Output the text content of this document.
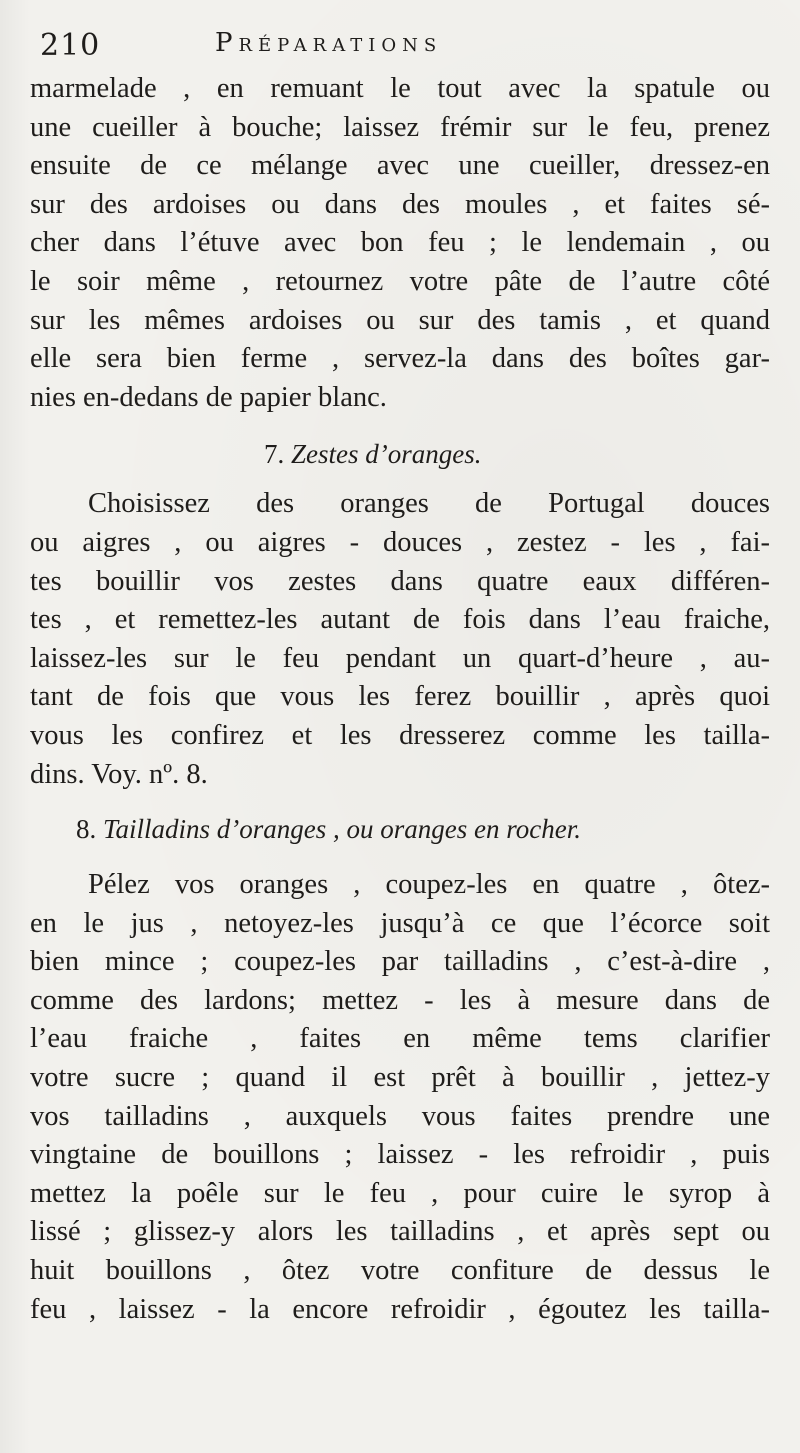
210	Préparations
marmelade , en remuant le tout avec la spatule ou
une cueiller à bouche; laissez frémir sur le feu, prenez
ensuite de ce mélange avec une cueiller, dressez-en
sur des ardoises ou dans des moules , et faites sé-
cher dans l’étuve avec bon feu ; le lendemain , ou
le soir même , retournez votre pâte de l’autre côté
sur les mêmes ardoises ou sur des tamis , et quand
elle sera bien ferme , servez-la dans des boîtes gar-
nies en-dedans de papier blanc.
7. Zestes d’oranges.
Choisissez des oranges de Portugal douces
ou aigres , ou aigres - douces , zestez - les , fai-
tes bouillir vos zestes dans quatre eaux différen-
tes , et remettez-les autant de fois dans l’eau fraiche,
laissez-les sur le feu pendant un quart-d’heure , au-
tant de fois que vous les ferez bouillir , après quoi
vous les confirez et les dresserez comme les tailla-
dins. Voy. nº. 8.
8. Tailladins d’oranges , ou oranges en rocher.
Pélez vos oranges , coupez-les en quatre , ôtez-
en le jus , netoyez-les jusqu’à ce que l’écorce soit
bien mince ; coupez-les par tailladins , c’est-à-dire ,
comme des lardons; mettez - les à mesure dans de
l’eau fraiche , faites en même tems clarifier
votre sucre ; quand il est prêt à bouillir , jettez-y
vos tailladins , auxquels vous faites prendre une
vingtaine de bouillons ; laissez - les refroidir , puis
mettez la poêle sur le feu , pour cuire le syrop à
lissé ; glissez-y alors les tailladins , et après sept ou
huit bouillons , ôtez votre confiture de dessus le
feu , laissez - la encore refroidir , égoutez les tailla-
